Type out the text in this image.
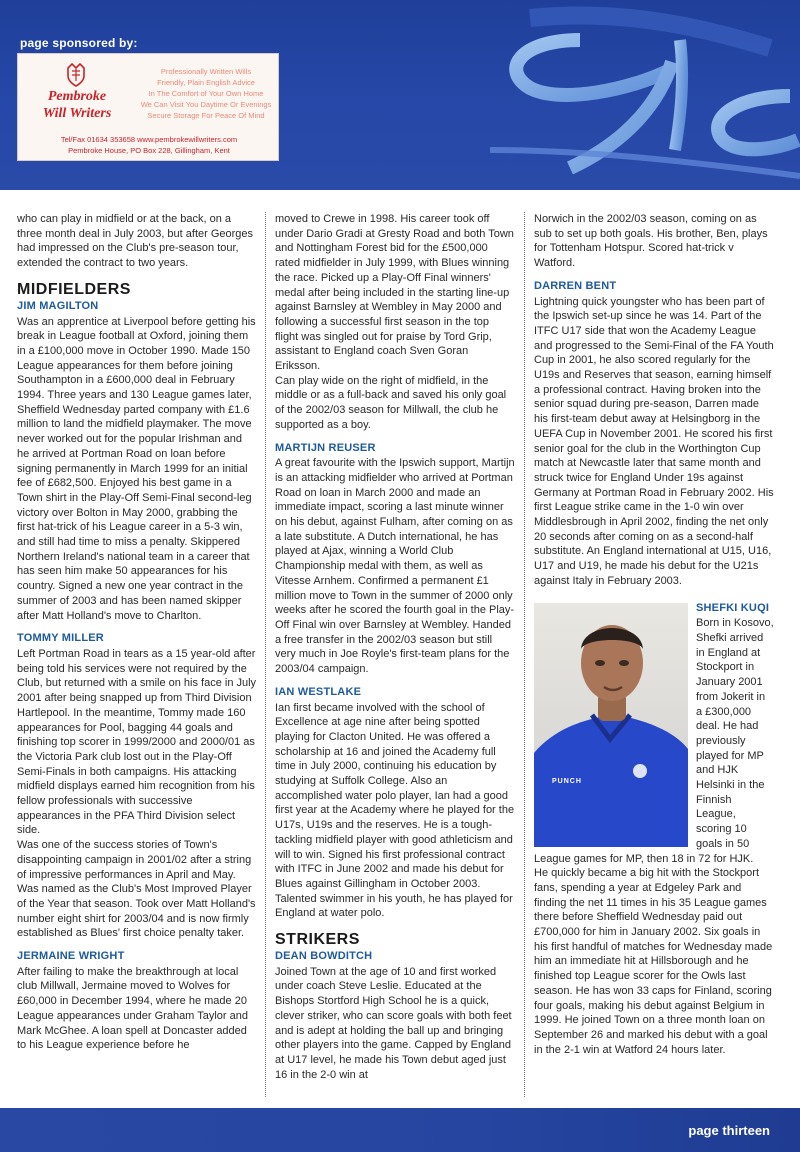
page sponsored by:
Pembroke
Will Writers
Professionally Written Wills
Friendly, Plain English Advice
In The Comfort of Your Own Home
We Can Visit You Daytime Or Evenings
Secure Storage For Peace Of Mind
Tel/Fax 01634 353658 www.pembrokewillwriters.com
Pembroke House, PO Box 228, Gillingham, Kent

who can play in midfield or at the back, on a three month deal in July 2003, but after Georges had impressed on the Club's pre-season tour, extended the contract to two years.

MIDFIELDERS
JIM MAGILTON

Was an apprentice at Liverpool before getting his break in League football at Oxford, joining them in a £100,000 move in October 1990. Made 150 League appearances for them before joining Southampton in a £600,000 deal in February 1994. Three years and 130 League games later, Sheffield Wednesday parted company with £1.6 million to land the midfield playmaker. The move never worked out for the popular Irishman and he arrived at Portman Road on loan before signing permanently in March 1999 for an initial fee of £682,500. Enjoyed his best game in a Town shirt in the Play-Off Semi-Final second-leg victory over Bolton in May 2000, grabbing the first hat-trick of his League career in a 5-3 win, and still had time to miss a penalty. Skippered Northern Ireland's national team in a career that has seen him make 50 appearances for his country. Signed a new one year contract in the summer of 2003 and has been named skipper after Matt Holland's move to Charlton.

TOMMY MILLER

Left Portman Road in tears as a 15 year-old after being told his services were not required by the Club, but returned with a smile on his face in July 2001 after being snapped up from Third Division Hartlepool. In the meantime, Tommy made 160 appearances for Pool, bagging 44 goals and finishing top scorer in 1999/2000 and 2000/01 as the Victoria Park club lost out in the Play-Off Semi-Finals in both campaigns. His attacking midfield displays earned him recognition from his fellow professionals with successive appearances in the PFA Third Division select side.

Was one of the success stories of Town's disappointing campaign in 2001/02 after a string of impressive performances in April and May. Was named as the Club's Most Improved Player of the Year that season. Took over Matt Holland's number eight shirt for 2003/04 and is now firmly established as Blues' first choice penalty taker.

JERMAINE WRIGHT

After failing to make the breakthrough at local club Millwall, Jermaine moved to Wolves for £60,000 in December 1994, where he made 20 League appearances under Graham Taylor and Mark McGhee. A loan spell at Doncaster added to his League experience before he

moved to Crewe in 1998. His career took off under Dario Gradi at Gresty Road and both Town and Nottingham Forest bid for the £500,000 rated midfielder in July 1999, with Blues winning the race. Picked up a Play-Off Final winners' medal after being included in the starting line-up against Barnsley at Wembley in May 2000 and following a successful first season in the top flight was singled out for praise by Tord Grip, assistant to England coach Sven Goran Eriksson.

Can play wide on the right of midfield, in the middle or as a full-back and saved his only goal of the 2002/03 season for Millwall, the club he supported as a boy.

MARTIJN REUSER

A great favourite with the Ipswich support, Martijn is an attacking midfielder who arrived at Portman Road on loan in March 2000 and made an immediate impact, scoring a last minute winner on his debut, against Fulham, after coming on as a late substitute. A Dutch international, he has played at Ajax, winning a World Club Championship medal with them, as well as Vitesse Arnhem. Confirmed a permanent £1 million move to Town in the summer of 2000 only weeks after he scored the fourth goal in the Play-Off Final win over Barnsley at Wembley. Handed a free transfer in the 2002/03 season but still very much in Joe Royle's first-team plans for the 2003/04 campaign.

IAN WESTLAKE

Ian first became involved with the school of Excellence at age nine after being spotted playing for Clacton United. He was offered a scholarship at 16 and joined the Academy full time in July 2000, continuing his education by studying at Suffolk College. Also an accomplished water polo player, Ian had a good first year at the Academy where he played for the U17s, U19s and the reserves. He is a tough-tackling midfield player with good athleticism and will to win. Signed his first professional contract with ITFC in June 2002 and made his debut for Blues against Gillingham in October 2003. Talented swimmer in his youth, he has played for England at water polo.

STRIKERS
DEAN BOWDITCH

Joined Town at the age of 10 and first worked under coach Steve Leslie. Educated at the Bishops Stortford High School he is a quick, clever striker, who can score goals with both feet and is adept at holding the ball up and bringing other players into the game. Capped by England at U17 level, he made his Town debut aged just 16 in the 2-0 win at

Norwich in the 2002/03 season, coming on as sub to set up both goals. His brother, Ben, plays for Tottenham Hotspur. Scored hat-trick v Watford.

DARREN BENT

Lightning quick youngster who has been part of the Ipswich set-up since he was 14. Part of the ITFC U17 side that won the Academy League and progressed to the Semi-Final of the FA Youth Cup in 2001, he also scored regularly for the U19s and Reserves that season, earning himself a professional contract. Having broken into the senior squad during pre-season, Darren made his first-team debut away at Helsingborg in the UEFA Cup in November 2001. He scored his first senior goal for the club in the Worthington Cup match at Newcastle later that same month and struck twice for England Under 19s against Germany at Portman Road in February 2002. His first League strike came in the 1-0 win over Middlesbrough in April 2002, finding the net only 20 seconds after coming on as a second-half substitute. An England international at U15, U16, U17 and U19, he made his debut for the U21s against Italy in February 2003.

PUNCH
SHEFKI KUQI

Born in Kosovo, Shefki arrived in England at Stockport in January 2001 from Jokerit in a £300,000 deal. He had previously played for MP and HJK Helsinki in the Finnish League, scoring 10 goals in 50 League games for MP, then 18 in 72 for HJK.

He quickly became a big hit with the Stockport fans, spending a year at Edgeley Park and finding the net 11 times in his 35 League games there before Sheffield Wednesday paid out £700,000 for him in January 2002. Six goals in his first handful of matches for Wednesday made him an immediate hit at Hillsborough and he finished top League scorer for the Owls last season. He has won 33 caps for Finland, scoring four goals, making his debut against Belgium in 1999. He joined Town on a three month loan on September 26 and marked his debut with a goal in the 2-1 win at Watford 24 hours later.

page thirteen
